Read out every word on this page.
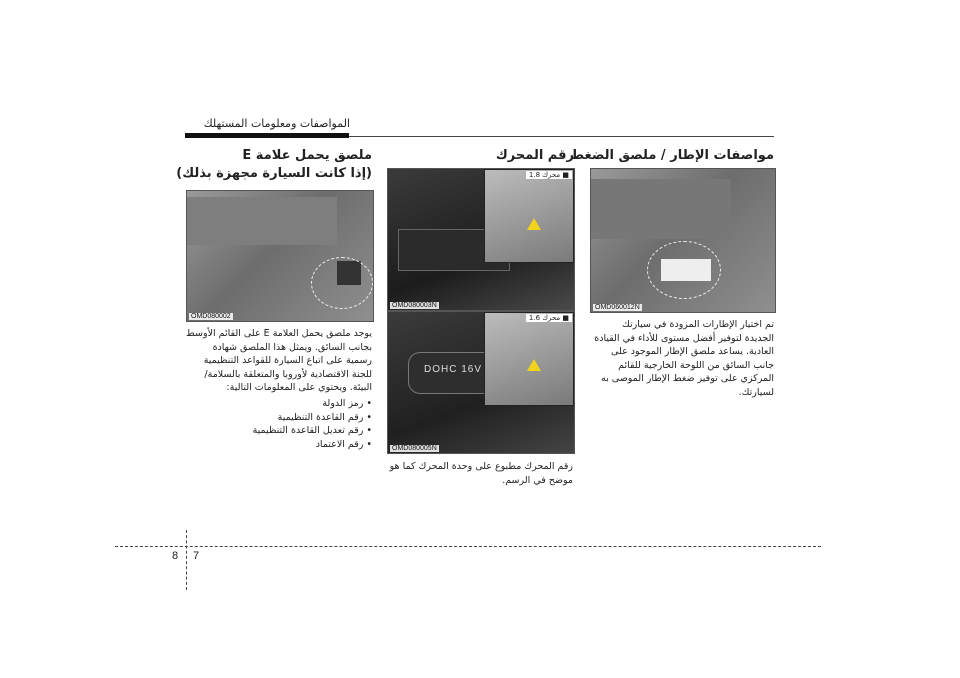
المواصفات ومعلومات المستهلك
مواصفات الإطار / ملصق الضغط
OMD060012N
تم اختيار الإطارات المزودة في سيارتك الجديدة لتوفير أفضل مستوى للأداء في القيادة العادية. يساعد ملصق الإطار الموجود على جانب السائق من اللوحة الخارجية للقائم المركزي على توفير ضغط الإطار الموصى به لسيارتك.
رقم المحرك
■ محرك 1.8
OMD080003N
DOHC 16V
■ محرك 1.6
OMD080005N
رقم المحرك مطبوع على وحدة المحرك كما هو موضح في الرسم.
ملصق يحمل علامة E
(إذا كانت السيارة مجهزة بذلك)
OMD080002
يوجد ملصق يحمل العلامة E على القائم الأوسط بجانب السائق. ويمثل هذا الملصق شهادة رسمية على اتباع السيارة للقواعد التنظيمية للجنة الاقتصادية لأوروبا والمتعلقة بالسلامة/البيئة. ويحتوي على المعلومات التالية:
• رمز الدولة
• رقم القاعدة التنظيمية
• رقم تعديل القاعدة التنظيمية
• رقم الاعتماد
8 7
